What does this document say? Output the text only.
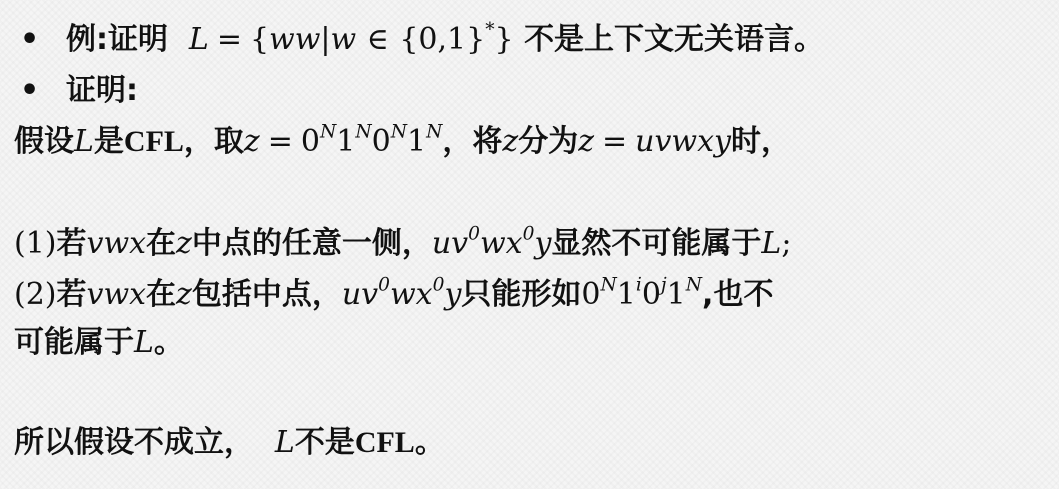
• 例:证明 L = {ww|w ∈ {0,1}*} 不是上下文无关语言。
• 证明:
假设L是CFL，取$z = 0^N1^N0^N1^N$，将z分为z = uvwxy时，
(1)若vwx在z中点的任意一侧，$uv^0wx^0y$显然不可能属于L;
(2)若vwx在z包括中点，$uv^0wx^0y$只能形如$0^N1^i0^j1^N$,也不
可能属于L。
所以假设不成立， L不是CFL。
